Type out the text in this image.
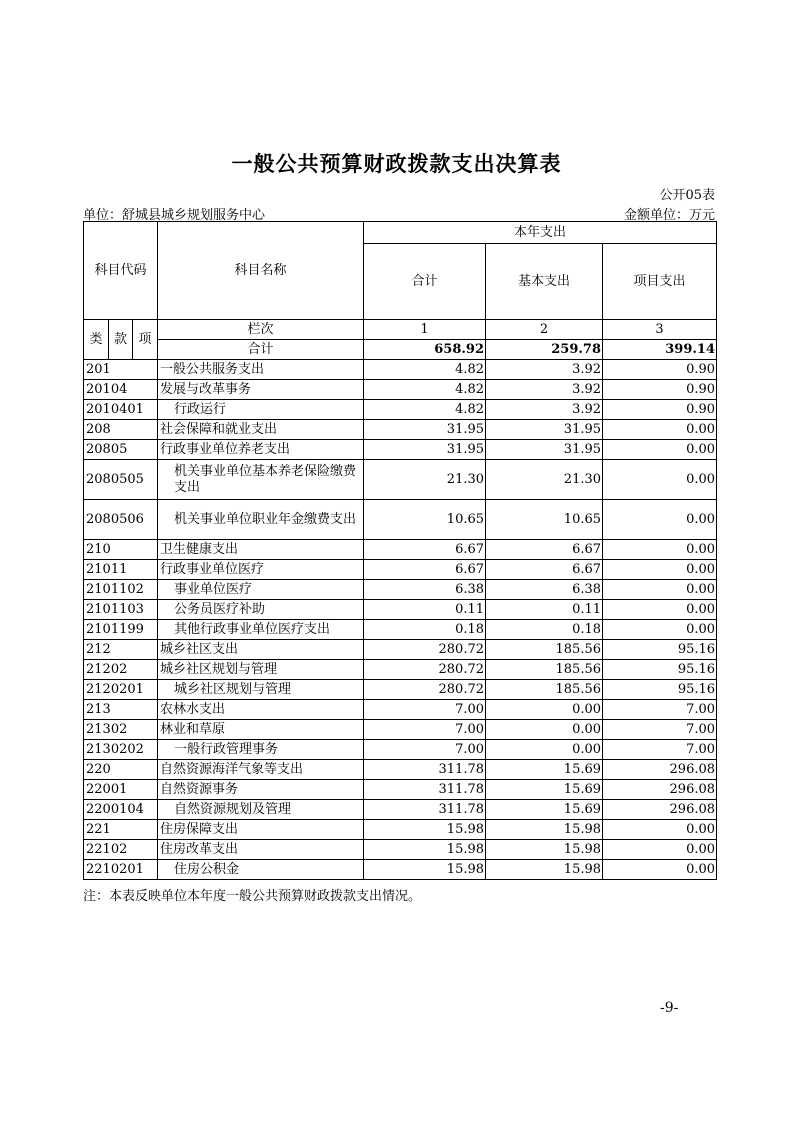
一般公共预算财政拨款支出决算表
公开05表
单位：舒城县城乡规划服务中心	金额单位：万元
科目代码			科目名称	本年支出		
				合计	基本支出	项目支出
类	款	项	栏次	1	2	3
			合计	658.92	259.78	399.14
201			一般公共服务支出	4.82	3.92	0.90
20104			发展与改革事务	4.82	3.92	0.90
2010401			行政运行	4.82	3.92	0.90
208			社会保障和就业支出	31.95	31.95	0.00
20805			行政事业单位养老支出	31.95	31.95	0.00
2080505			机关事业单位基本养老保险缴费支出	21.30	21.30	0.00
2080506			机关事业单位职业年金缴费支出	10.65	10.65	0.00
210			卫生健康支出	6.67	6.67	0.00
21011			行政事业单位医疗	6.67	6.67	0.00
2101102			事业单位医疗	6.38	6.38	0.00
2101103			公务员医疗补助	0.11	0.11	0.00
2101199			其他行政事业单位医疗支出	0.18	0.18	0.00
212			城乡社区支出	280.72	185.56	95.16
21202			城乡社区规划与管理	280.72	185.56	95.16
2120201			城乡社区规划与管理	280.72	185.56	95.16
213			农林水支出	7.00	0.00	7.00
21302			林业和草原	7.00	0.00	7.00
2130202			一般行政管理事务	7.00	0.00	7.00
220			自然资源海洋气象等支出	311.78	15.69	296.08
22001			自然资源事务	311.78	15.69	296.08
2200104			自然资源规划及管理	311.78	15.69	296.08
221			住房保障支出	15.98	15.98	0.00
22102			住房改革支出	15.98	15.98	0.00
2210201			住房公积金	15.98	15.98	0.00
注：本表反映单位本年度一般公共预算财政拨款支出情况。
-9-
